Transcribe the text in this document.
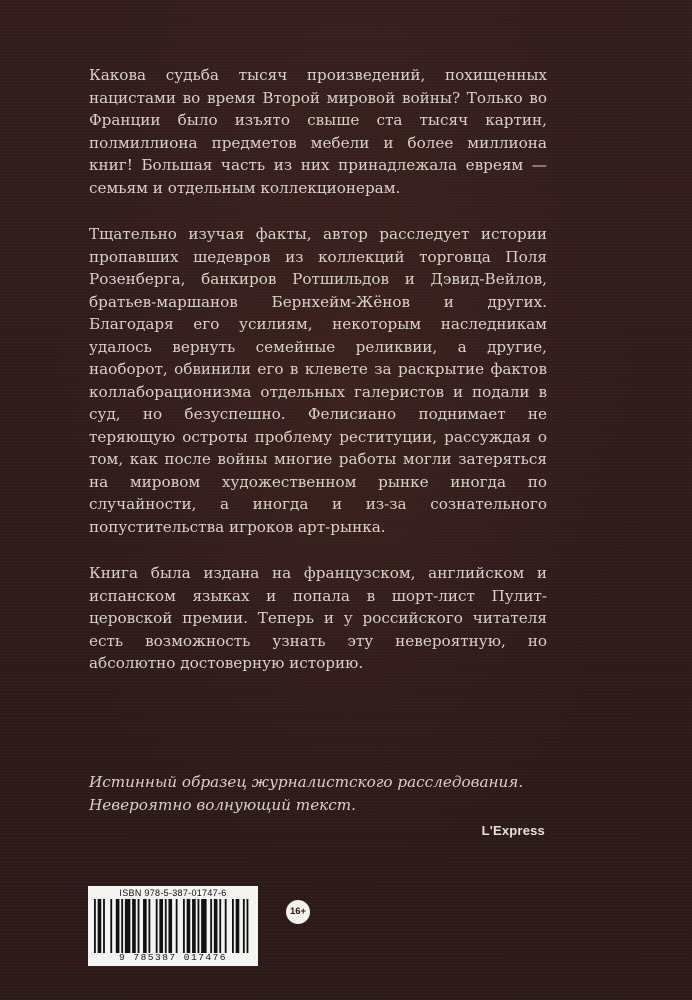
Какова судьба тысяч произведений, похищенных нацистами во время Второй мировой войны? Только во Франции было изъято свыше ста тысяч картин, полмиллиона предметов мебели и более миллиона книг! Большая часть из них принадлежала евреям — семьям и отдельным коллекционерам.

Тщательно изучая факты, автор расследует истории пропавших шедевров из коллекций торговца Поля Розенберга, банкиров Ротшильдов и Дэвид-Вейлов, братьев-маршанов Бернхейм-Жёнов и других. Благодаря его усилиям, некоторым наследникам удалось вернуть семейные реликвии, а другие, наоборот, обвинили его в клевете за раскрытие фактов коллаборационизма отдельных галеристов и подали в суд, но безуспешно. Фелисиано поднимает не теряющую остроты проблему реституции, рассуждая о том, как после войны многие работы могли затеряться на мировом художественном рынке иногда по случайности, а иногда и из-за сознательного попустительства игроков арт-рынка.

Книга была издана на французском, английском и испанском языках и попала в шорт-лист Пулитцеровской премии. Теперь и у российского читателя есть возможность узнать эту невероятную, но абсолютно достоверную историю.

Истинный образец журналистского расследования. Невероятно волнующий текст.

L'Express
ISBN 978-5-387-01747-6
9 785387 017476
16+
